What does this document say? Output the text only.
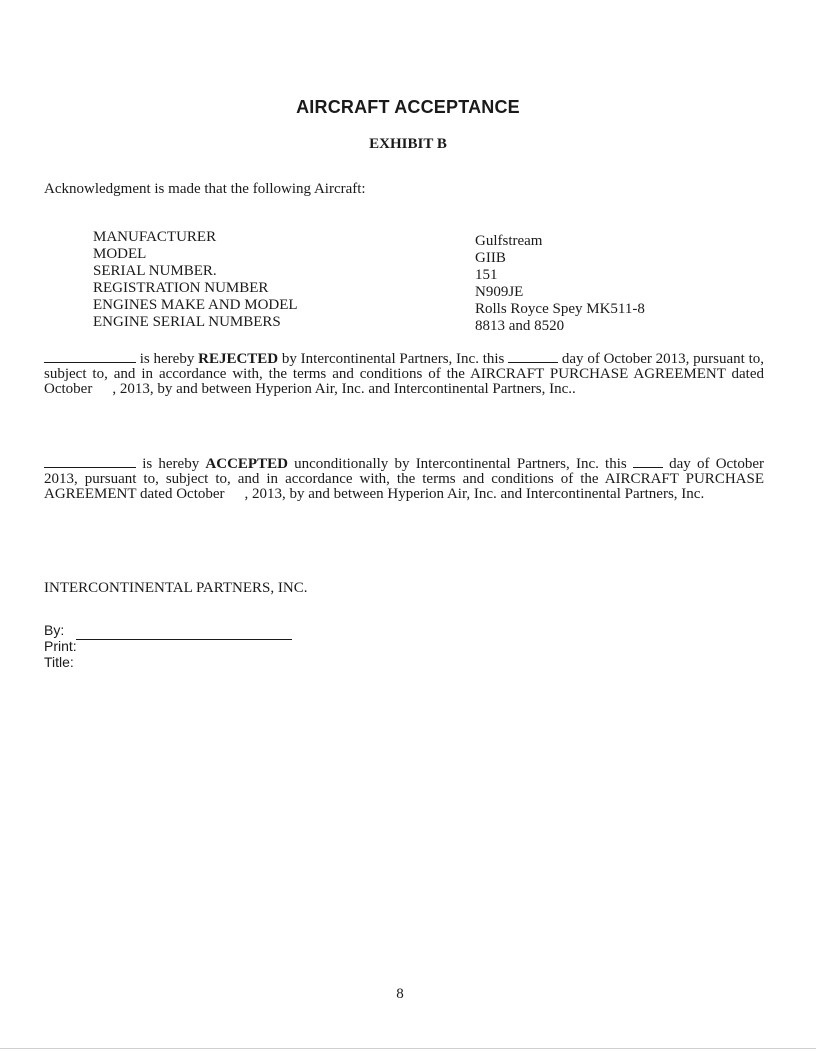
AIRCRAFT ACCEPTANCE
EXHIBIT B
Acknowledgment is made that the following Aircraft:
MANUFACTURER
MODEL
SERIAL NUMBER.
REGISTRATION NUMBER
ENGINES MAKE AND MODEL
ENGINE SERIAL NUMBERS
Gulfstream
GIIB
151
N909JE
Rolls Royce Spey MK511-8
8813 and 8520
is hereby REJECTED by Intercontinental Partners, Inc. this	day of October 2013, pursuant to, subject to, and in accordance with, the terms and conditions of the AIRCRAFT PURCHASE AGREEMENT dated October , 2013, by and between Hyperion Air, Inc. and Intercontinental Partners, Inc..
is hereby ACCEPTED unconditionally by Intercontinental Partners, Inc. this  day of October 2013, pursuant to, subject to, and in accordance with, the terms and conditions of the AIRCRAFT PURCHASE AGREEMENT dated October , 2013, by and between Hyperion Air, Inc. and Intercontinental Partners, Inc.
INTERCONTINENTAL PARTNERS, INC.
By:
Print:
Title:
8
